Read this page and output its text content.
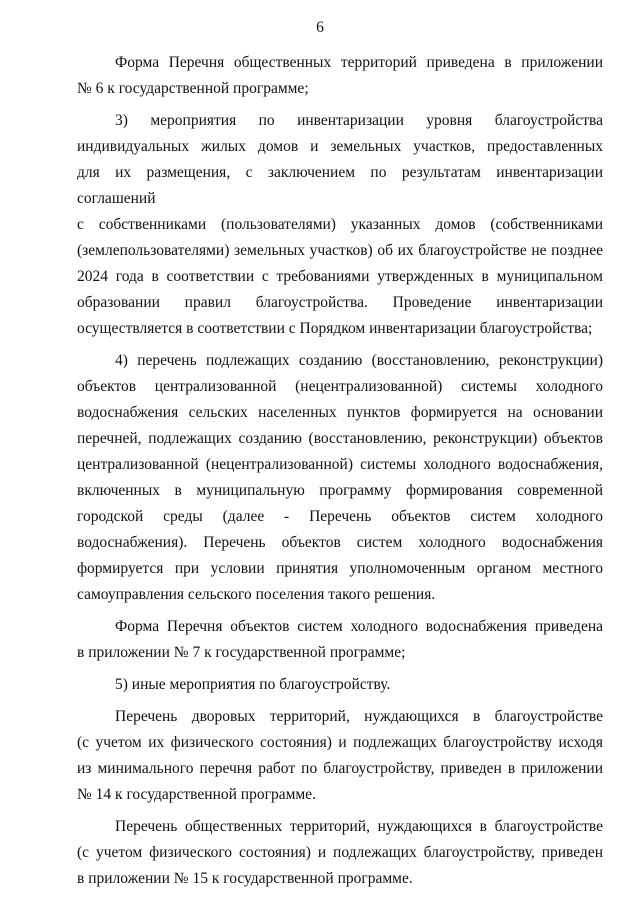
6
Форма Перечня общественных территорий приведена в приложении
№ 6 к государственной программе;
3) мероприятия по инвентаризации уровня благоустройства
индивидуальных жилых домов и земельных участков, предоставленных
для их размещения, с заключением по результатам инвентаризации соглашений
с собственниками (пользователями) указанных домов (собственниками
(землепользователями) земельных участков) об их благоустройстве не позднее
2024 года в соответствии с требованиями утвержденных в муниципальном
образовании правил благоустройства. Проведение инвентаризации
осуществляется в соответствии с Порядком инвентаризации благоустройства;
4) перечень подлежащих созданию (восстановлению, реконструкции)
объектов централизованной (нецентрализованной) системы холодного
водоснабжения сельских населенных пунктов формируется на основании
перечней, подлежащих созданию (восстановлению, реконструкции) объектов
централизованной (нецентрализованной) системы холодного водоснабжения,
включенных в муниципальную программу формирования современной
городской среды (далее - Перечень объектов систем холодного
водоснабжения). Перечень объектов систем холодного водоснабжения
формируется при условии принятия уполномоченным органом местного
самоуправления сельского поселения такого решения.
Форма Перечня объектов систем холодного водоснабжения приведена
в приложении № 7 к государственной программе;
5) иные мероприятия по благоустройству.
Перечень дворовых территорий, нуждающихся в благоустройстве
(с учетом их физического состояния) и подлежащих благоустройству исходя
из минимального перечня работ по благоустройству, приведен в приложении
№ 14 к государственной программе.
Перечень общественных территорий, нуждающихся в благоустройстве
(с учетом физического состояния) и подлежащих благоустройству, приведен
в приложении № 15 к государственной программе.
